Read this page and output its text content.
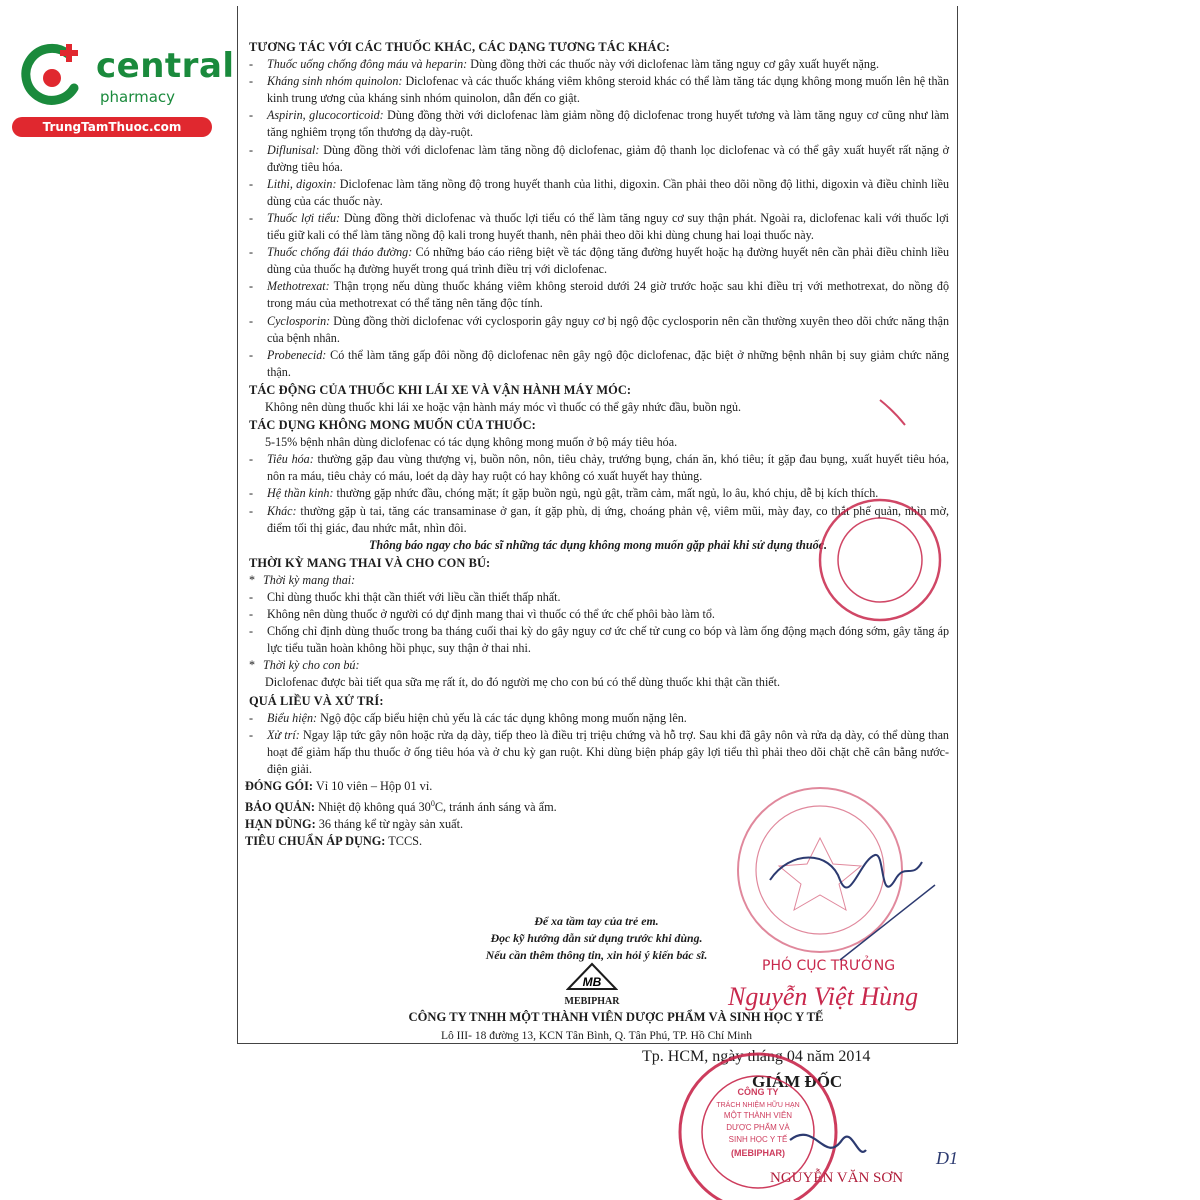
central
pharmacy
TrungTamThuoc.com
TƯƠNG TÁC VỚI CÁC THUỐC KHÁC, CÁC DẠNG TƯƠNG TÁC KHÁC:
- Thuốc uống chống đông máu và heparin: Dùng đồng thời các thuốc này với diclofenac làm tăng nguy cơ gây xuất huyết nặng.
- Kháng sinh nhóm quinolon: Diclofenac và các thuốc kháng viêm không steroid khác có thể làm tăng tác dụng không mong muốn lên hệ thần kinh trung ương của kháng sinh nhóm quinolon, dẫn đến co giật.
- Aspirin, glucocorticoid: Dùng đồng thời với diclofenac làm giảm nồng độ diclofenac trong huyết tương và làm tăng nguy cơ cũng như làm tăng nghiêm trọng tổn thương dạ dày-ruột.
- Diflunisal: Dùng đồng thời với diclofenac làm tăng nồng độ diclofenac, giảm độ thanh lọc diclofenac và có thể gây xuất huyết rất nặng ở đường tiêu hóa.
- Lithi, digoxin: Diclofenac làm tăng nồng độ trong huyết thanh của lithi, digoxin. Cần phải theo dõi nồng độ lithi, digoxin và điều chỉnh liều dùng của các thuốc này.
- Thuốc lợi tiểu: Dùng đồng thời diclofenac và thuốc lợi tiểu có thể làm tăng nguy cơ suy thận phát. Ngoài ra, diclofenac kali với thuốc lợi tiểu giữ kali có thể làm tăng nồng độ kali trong huyết thanh, nên phải theo dõi khi dùng chung hai loại thuốc này.
- Thuốc chống đái tháo đường: Có những báo cáo riêng biệt về tác động tăng đường huyết hoặc hạ đường huyết nên cần phải điều chỉnh liều dùng của thuốc hạ đường huyết trong quá trình điều trị với diclofenac.
- Methotrexat: Thận trọng nếu dùng thuốc kháng viêm không steroid dưới 24 giờ trước hoặc sau khi điều trị với methotrexat, do nồng độ trong máu của methotrexat có thể tăng nên tăng độc tính.
- Cyclosporin: Dùng đồng thời diclofenac với cyclosporin gây nguy cơ bị ngộ độc cyclosporin nên cần thường xuyên theo dõi chức năng thận của bệnh nhân.
- Probenecid: Có thể làm tăng gấp đôi nồng độ diclofenac nên gây ngộ độc diclofenac, đặc biệt ở những bệnh nhân bị suy giảm chức năng thận.
TÁC ĐỘNG CỦA THUỐC KHI LÁI XE VÀ VẬN HÀNH MÁY MÓC:
Không nên dùng thuốc khi lái xe hoặc vận hành máy móc vì thuốc có thể gây nhức đầu, buồn ngủ.
TÁC DỤNG KHÔNG MONG MUỐN CỦA THUỐC:
5-15% bệnh nhân dùng diclofenac có tác dụng không mong muốn ở bộ máy tiêu hóa.
- Tiêu hóa: thường gặp đau vùng thượng vị, buồn nôn, nôn, tiêu chảy, trướng bụng, chán ăn, khó tiêu; ít gặp đau bụng, xuất huyết tiêu hóa, nôn ra máu, tiêu chảy có máu, loét dạ dày hay ruột có hay không có xuất huyết hay thủng.
- Hệ thần kinh: thường gặp nhức đầu, chóng mặt; ít gặp buồn ngủ, ngủ gật, trầm cảm, mất ngủ, lo âu, khó chịu, dễ bị kích thích.
- Khác: thường gặp ù tai, tăng các transaminase ở gan, ít gặp phù, dị ứng, choáng phản vệ, viêm mũi, mày đay, co thắt phế quản, nhìn mờ, điểm tối thị giác, đau nhức mắt, nhìn đôi.
Thông báo ngay cho bác sĩ những tác dụng không mong muốn gặp phải khi sử dụng thuốc.
THỜI KỲ MANG THAI VÀ CHO CON BÚ:
* Thời kỳ mang thai:
- Chỉ dùng thuốc khi thật cần thiết với liều cần thiết thấp nhất.
- Không nên dùng thuốc ở người có dự định mang thai vì thuốc có thể ức chế phôi bào làm tổ.
- Chống chỉ định dùng thuốc trong ba tháng cuối thai kỳ do gây nguy cơ ức chế tử cung co bóp và làm ống động mạch đóng sớm, gây tăng áp lực tiểu tuần hoàn không hồi phục, suy thận ở thai nhi.
* Thời kỳ cho con bú:
Diclofenac được bài tiết qua sữa mẹ rất ít, do đó người mẹ cho con bú có thể dùng thuốc khi thật cần thiết.
QUÁ LIỀU VÀ XỬ TRÍ:
- Biểu hiện: Ngộ độc cấp biểu hiện chủ yếu là các tác dụng không mong muốn nặng lên.
- Xử trí: Ngay lập tức gây nôn hoặc rửa dạ dày, tiếp theo là điều trị triệu chứng và hỗ trợ. Sau khi đã gây nôn và rửa dạ dày, có thể dùng than hoạt để giảm hấp thu thuốc ở ống tiêu hóa và ở chu kỳ gan ruột. Khi dùng biện pháp gây lợi tiểu thì phải theo dõi chặt chẽ cân bằng nước-điện giải.
ĐÓNG GÓI: Vỉ 10 viên – Hộp 01 vỉ.
BẢO QUẢN: Nhiệt độ không quá $30^0C$, tránh ánh sáng và ẩm.
HẠN DÙNG: 36 tháng kể từ ngày sản xuất.
TIÊU CHUẨN ÁP DỤNG: TCCS.
Để xa tầm tay của trẻ em.
Đọc kỹ hướng dẫn sử dụng trước khi dùng.
Nếu cần thêm thông tin, xin hỏi ý kiến bác sĩ.
MB
MEBIPHAR
CÔNG TY TNHH MỘT THÀNH VIÊN DƯỢC PHẨM VÀ SINH HỌC Y TẾ
Lô III- 18 đường 13, KCN Tân Bình, Q. Tân Phú, TP. Hồ Chí Minh
PHÓ CỤC TRƯỞNG
Nguyễn Việt Hùng
Tp. HCM, ngày tháng 04 năm 2014
GIÁM ĐỐC
NGUYỄN VĂN SƠN
D1
CÔNG TY
TRÁCH NHIỆM HỮU HẠN
MỘT THÀNH VIÊN
DƯỢC PHẨM VÀ
SINH HỌC Y TẾ
(MEBIPHAR)
